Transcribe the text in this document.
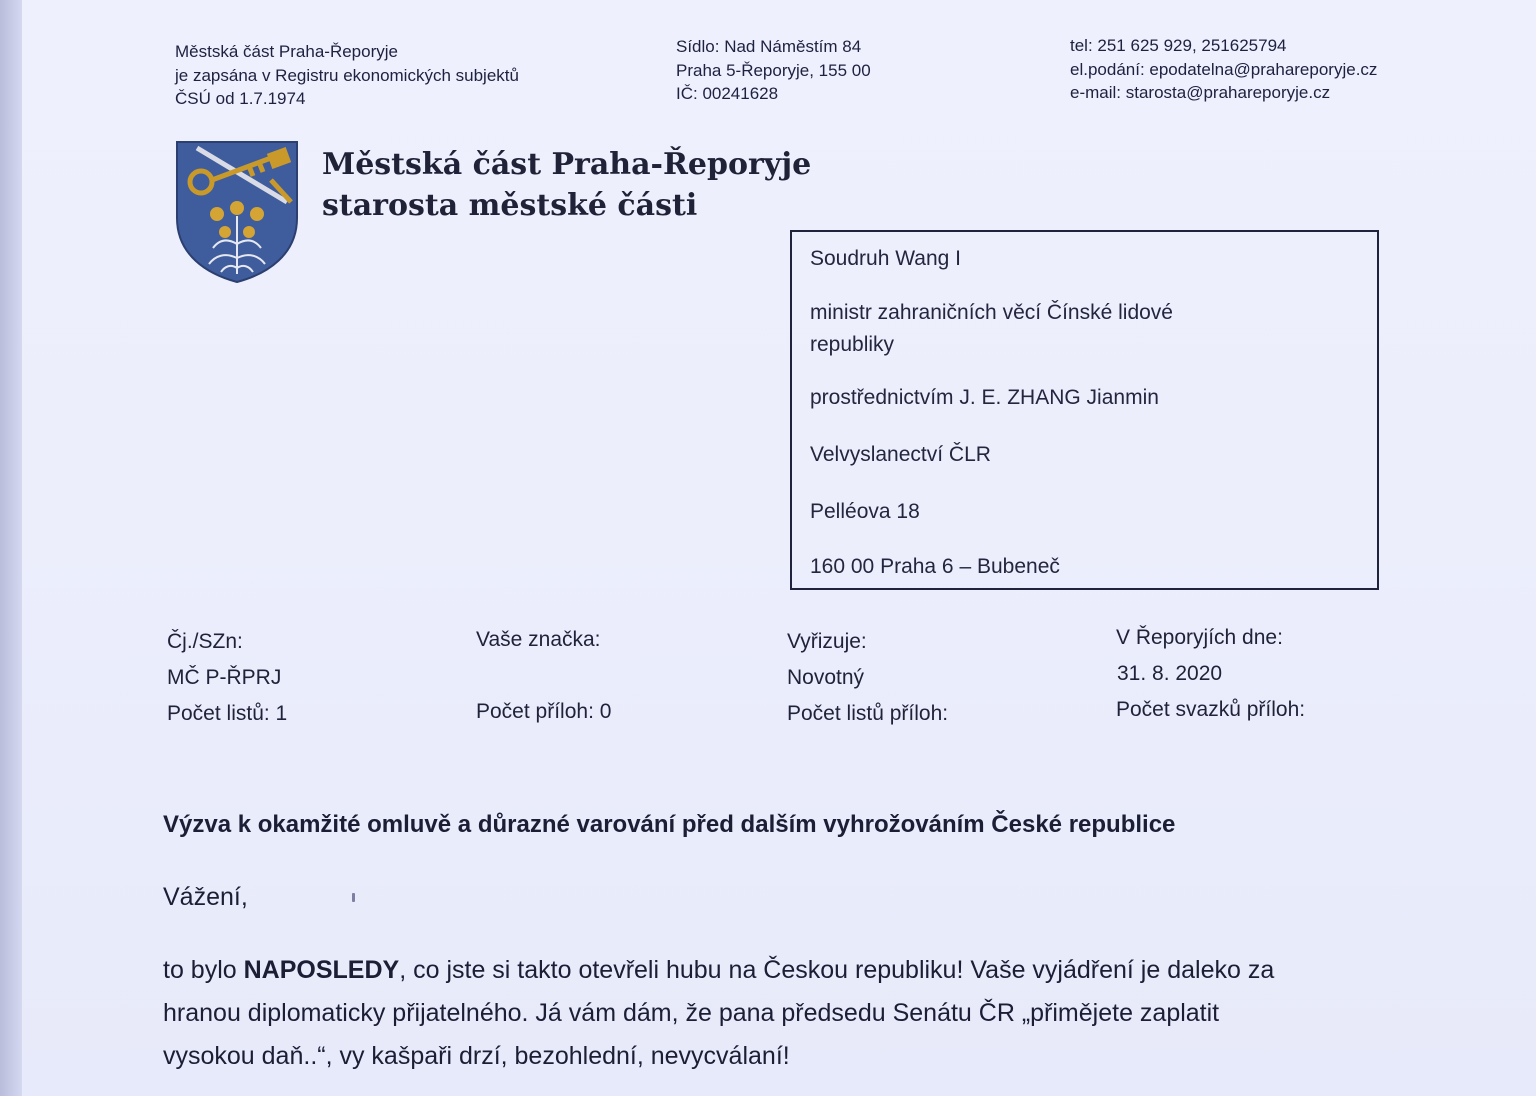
Městská část Praha-Řeporyje
je zapsána v Registru ekonomických subjektů
ČSÚ od 1.7.1974
Sídlo: Nad Náměstím 84
Praha 5-Řeporyje, 155 00
IČ: 00241628
tel: 251 625 929, 251625794
el.podání: epodatelna@prahareporyje.cz
e-mail: starosta@prahareporyje.cz
Městská část Praha-Řeporyje
starosta městské části
Soudruh Wang I
ministr zahraničních věcí Čínské lidové
republiky
prostřednictvím J. E. ZHANG Jianmin
Velvyslanectví ČLR
Pelléova 18
160 00 Praha 6 – Bubeneč
Čj./SZn:
MČ P-ŘPRJ
Počet listů: 1
Vaše značka:
Počet příloh: 0
Vyřizuje:
Novotný
Počet listů příloh:
V Řeporyjích dne:
31. 8. 2020
Počet svazků příloh:
Výzva k okamžité omluvě a důrazné varování před dalším vyhrožováním České republice
Vážení,
to bylo NAPOSLEDY, co jste si takto otevřeli hubu na Českou republiku! Vaše vyjádření je daleko za
hranou diplomaticky přijatelného. Já vám dám, že pana předsedu Senátu ČR „přimějete zaplatit
vysokou daň..“, vy kašpaři drzí, bezohlední, nevycválaní!
